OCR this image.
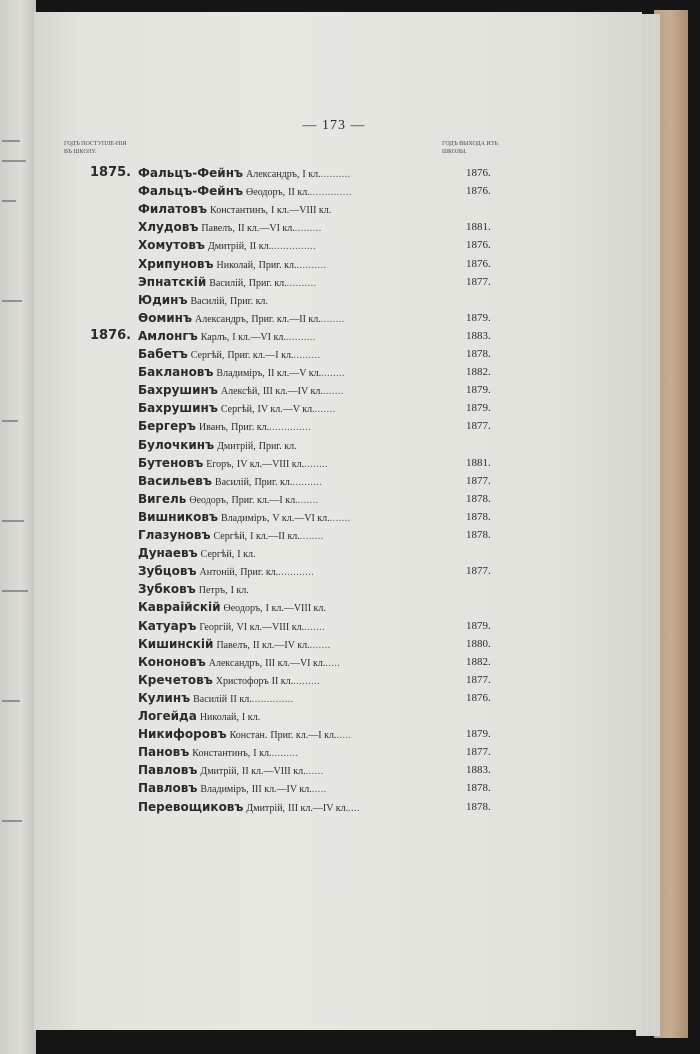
— 173 —
ГОДЪ ПОСТУПЛЕ-НІЯ ВЪ ШКОЛУ.
ГОДЪ ВЫХОДА ИЗЪ ШКОЛЫ.
1875. Фальцъ-Фейнъ Александръ, I кл...........	1876.
Фальцъ-Фейнъ Өеодоръ, II кл...............	1876.
Филатовъ Константинъ, I кл.—VIII кл.
Хлудовъ Павелъ, II кл.—VI кл..........	1881.
Хомутовъ Дмитрій, II кл................	1876.
Хрипуновъ Николай, Приг. кл...........	1876.
Эпнатскій Василій, Приг. кл...........	1877.
Юдинъ Василій, Приг. кл.
Өоминъ Александръ, Приг. кл.—II кл.........	1879.
1876. Амлонгъ Карлъ, I кл.—VI кл...........	1883.
Бабетъ Сергѣй, Приг. кл.—I кл..........	1878.
Баклановъ Владиміръ, II кл.—V кл.........	1882.
Бахрушинъ Алексѣй, III кл.—IV кл........	1879.
Бахрушинъ Сергѣй, IV кл.—V кл........	1879.
Бергеръ Иванъ, Приг. кл...............	1877.
Булочкинъ Дмитрій, Приг. кл.
Бутеновъ Егоръ, IV кл.—VIII кл.........	1881.
Васильевъ Василій, Приг. кл...........	1877.
Вигель Өеодоръ, Приг. кл.—I кл........	1878.
Вишниковъ Владиміръ, V кл.—VI кл........	1878.
Глазуновъ Сергѣй, I кл.—II кл.........	1878.
Дунаевъ Сергѣй, I кл.
Зубцовъ Антоній, Приг. кл.............	1877.
Зубковъ Петръ, I кл.
Кавраійскій Өеодоръ, I кл.—VIII кл.
Катуаръ Георгій, VI кл.—VIII кл........	1879.
Кишинскій Павелъ, II кл.—IV кл........	1880.
Кононовъ Александръ, III кл.—VI кл......	1882.
Кречетовъ Христофоръ II кл..........	1877.
Кулинъ Василій II кл...............	1876.
Логейда Николай, I кл.
Никифоровъ Констан. Приг. кл.—I кл......	1879.
Пановъ Константинъ, I кл..........	1877.
Павловъ Дмитрій, II кл.—VIII кл.......	1883.
Павловъ Владиміръ, III кл.—IV кл......	1878.
Перевощиковъ Дмитрій, III кл.—IV кл.....	1878.
